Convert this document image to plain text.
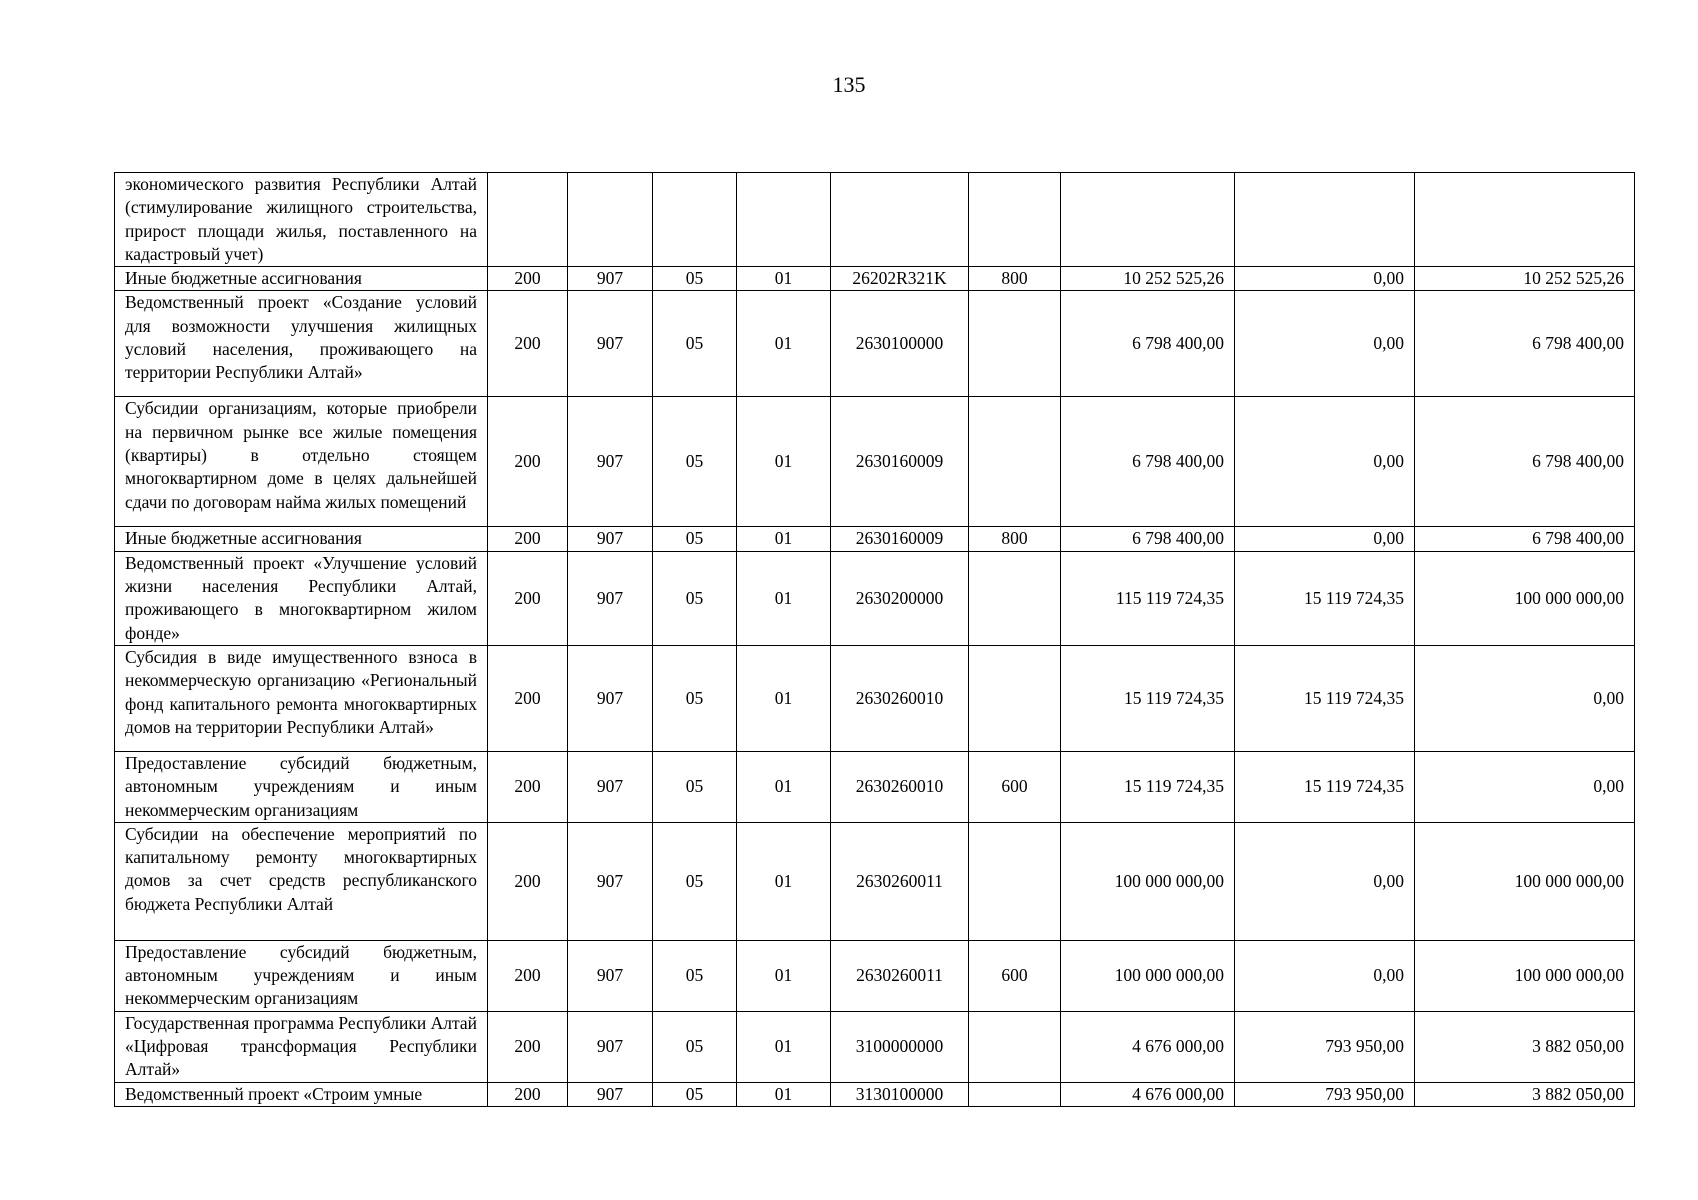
135
экономического развития Республики Алтай (стимулирование жилищного строительства, прирост площади жилья, поставленного на кадастровый учет)									
Иные бюджетные ассигнования	200	907	05	01	26202R321K	800	10 252 525,26	0,00	10 252 525,26
Ведомственный проект «Создание условий для возможности улучшения жилищных условий населения, проживающего на территории Республики Алтай»	200	907	05	01	2630100000		6 798 400,00	0,00	6 798 400,00
Субсидии организациям, которые приобрели на первичном рынке все жилые помещения (квартиры) в отдельно стоящем многоквартирном доме в целях дальнейшей сдачи по договорам найма жилых помещений	200	907	05	01	2630160009		6 798 400,00	0,00	6 798 400,00
Иные бюджетные ассигнования	200	907	05	01	2630160009	800	6 798 400,00	0,00	6 798 400,00
Ведомственный проект «Улучшение условий жизни населения Республики Алтай, проживающего в многоквартирном жилом фонде»	200	907	05	01	2630200000		115 119 724,35	15 119 724,35	100 000 000,00
Субсидия в виде имущественного взноса в некоммерческую организацию «Региональный фонд капитального ремонта многоквартирных домов на территории Республики Алтай»	200	907	05	01	2630260010		15 119 724,35	15 119 724,35	0,00
Предоставление субсидий бюджетным, автономным учреждениям и иным некоммерческим организациям	200	907	05	01	2630260010	600	15 119 724,35	15 119 724,35	0,00
Субсидии на обеспечение мероприятий по капитальному ремонту многоквартирных домов за счет средств республиканского бюджета Республики Алтай	200	907	05	01	2630260011		100 000 000,00	0,00	100 000 000,00
Предоставление субсидий бюджетным, автономным учреждениям и иным некоммерческим организациям	200	907	05	01	2630260011	600	100 000 000,00	0,00	100 000 000,00
Государственная программа Республики Алтай «Цифровая трансформация Республики Алтай»	200	907	05	01	3100000000		4 676 000,00	793 950,00	3 882 050,00
Ведомственный проект «Строим умные	200	907	05	01	3130100000		4 676 000,00	793 950,00	3 882 050,00
